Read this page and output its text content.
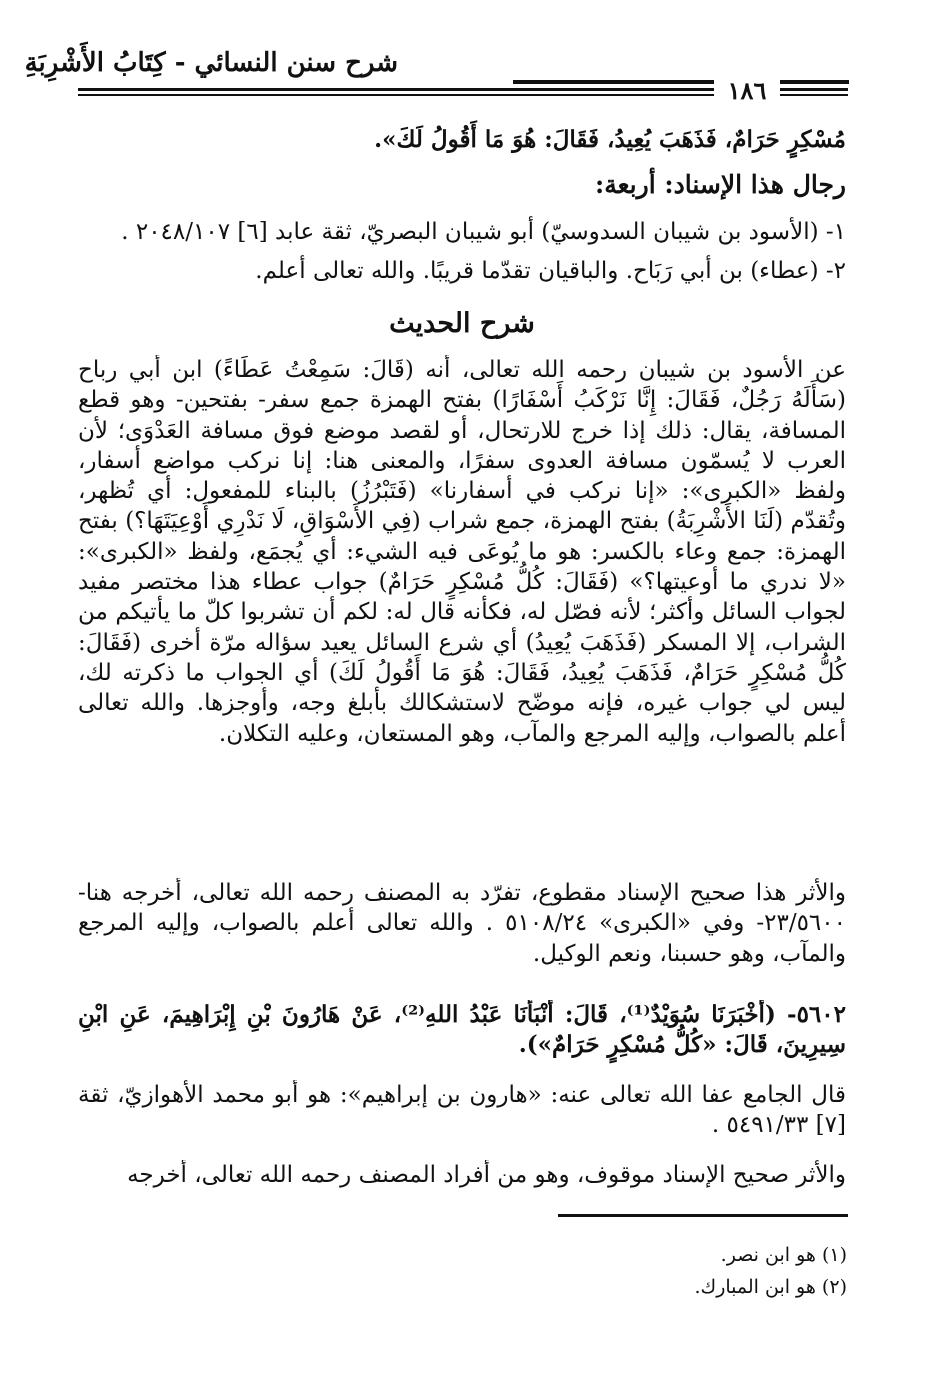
شرح سنن النسائي - كِتَابُ الأَشْرِبَةِ
١٨٦
مُسْكِرٍ حَرَامٌ، فَذَهَبَ يُعِيدُ، فَقَالَ: هُوَ مَا أَقُولُ لَكَ».
رجال هذا الإسناد: أربعة:
١- (الأسود بن شيبان السدوسيّ) أبو شيبان البصريّ، ثقة عابد [٦] ٢٠٤٨/١٠٧ .
٢- (عطاء) بن أبي رَبَاح. والباقيان تقدّما قريبًا. والله تعالى أعلم.
شرح الحديث
عن الأسود بن شيبان رحمه الله تعالى، أنه (قَالَ: سَمِعْتُ عَطَاءً) ابن أبي رباح (سَأَلَهُ رَجُلٌ، فَقَالَ: إِنَّا نَرْكَبُ أَسْفَارًا) بفتح الهمزة جمع سفر- بفتحين- وهو قطع المسافة، يقال: ذلك إذا خرج للارتحال، أو لقصد موضع فوق مسافة العَدْوَى؛ لأن العرب لا يُسمّون مسافة العدوى سفرًا، والمعنى هنا: إنا نركب مواضع أسفار، ولفظ «الكبرى»: «إنا نركب في أسفارنا» (فَتَبْرُزُ) بالبناء للمفعول: أي تُظهر، وتُقدّم (لَنَا الأَشْرِبَةُ) بفتح الهمزة، جمع شراب (فِي الأَسْوَاقِ، لَا نَدْرِي أَوْعِيَتَهَا؟) بفتح الهمزة: جمع وعاء بالكسر: هو ما يُوعَى فيه الشيء: أي يُجمَع، ولفظ «الكبرى»: «لا ندري ما أوعيتها؟» (فَقَالَ: كُلُّ مُسْكِرٍ حَرَامٌ) جواب عطاء هذا مختصر مفيد لجواب السائل وأكثر؛ لأنه فصّل له، فكأنه قال له: لكم أن تشربوا كلّ ما يأتيكم من الشراب، إلا المسكر (فَذَهَبَ يُعِيدُ) أي شرع السائل يعيد سؤاله مرّة أخرى (فَقَالَ: كُلُّ مُسْكِرٍ حَرَامٌ، فَذَهَبَ يُعِيدُ، فَقَالَ: هُوَ مَا أَقُولُ لَكَ) أي الجواب ما ذكرته لك، ليس لي جواب غيره، فإنه موضّح لاستشكالك بأبلغ وجه، وأوجزها. والله تعالى أعلم بالصواب، وإليه المرجع والمآب، وهو المستعان، وعليه التكلان.
والأثر هذا صحيح الإسناد مقطوع، تفرّد به المصنف رحمه الله تعالى، أخرجه هنا- ٢٣/٥٦٠٠- وفي «الكبرى» ٥١٠٨/٢٤ . والله تعالى أعلم بالصواب، وإليه المرجع والمآب، وهو حسبنا، ونعم الوكيل.
٥٦٠٢- (أَخْبَرَنَا سُوَيْدٌ⁽¹⁾، قَالَ: أَنْبَأَنَا عَبْدُ اللهِ⁽²⁾، عَنْ هَارُونَ بْنِ إِبْرَاهِيمَ، عَنِ ابْنِ سِيرِينَ، قَالَ: «كُلُّ مُسْكِرٍ حَرَامٌ»).
قال الجامع عفا الله تعالى عنه: «هارون بن إبراهيم»: هو أبو محمد الأهوازيّ، ثقة [٧] ٥٤٩١/٣٣ .
والأثر صحيح الإسناد موقوف، وهو من أفراد المصنف رحمه الله تعالى، أخرجه
(١) هو ابن نصر.
(٢) هو ابن المبارك.
